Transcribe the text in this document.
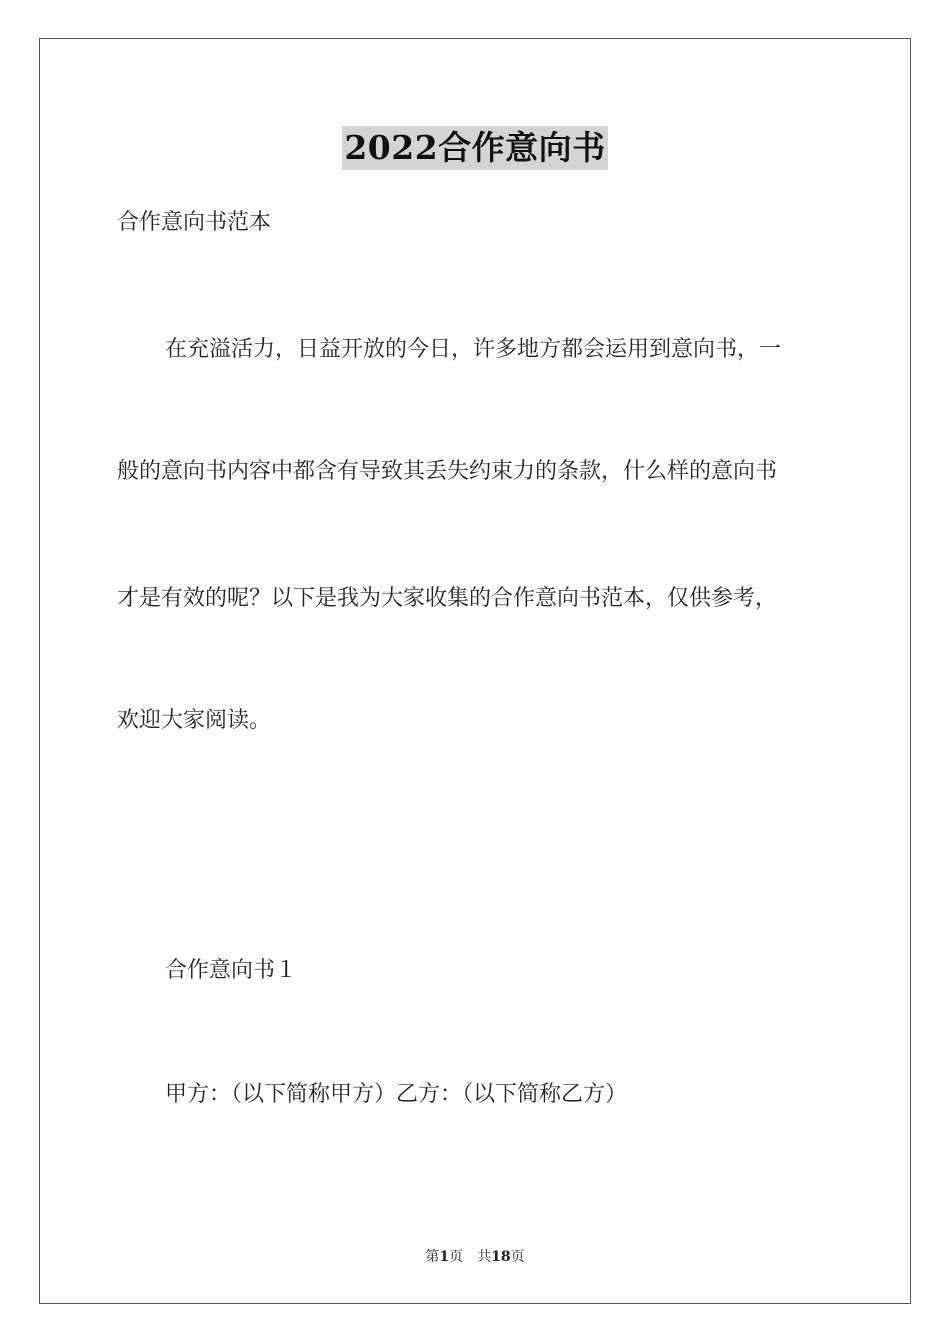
2022合作意向书
合作意向书范本
在充溢活力，日益开放的今日，许多地方都会运用到意向书，一
般的意向书内容中都含有导致其丢失约束力的条款，什么样的意向书
才是有效的呢？以下是我为大家收集的合作意向书范本，仅供参考，
欢迎大家阅读。
合作意向书１
甲方：（以下简称甲方）乙方：（以下简称乙方）
第1页　共18页
